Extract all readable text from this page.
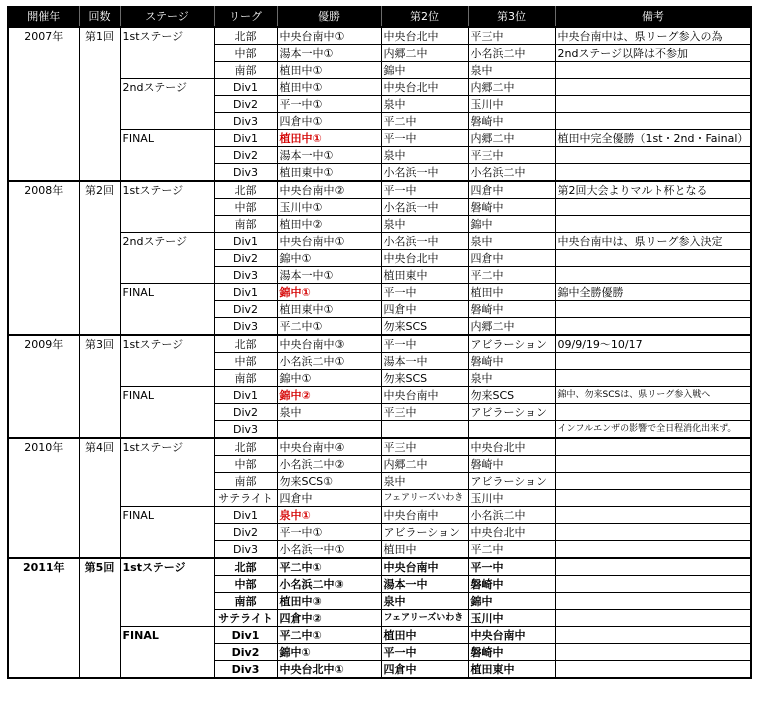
開催年	回数	ステージ	リーグ	優勝	第2位	第3位	備考
2007年	第1回	1stステージ	北部	中央台南中①	中央台北中	平三中	中央台南中は、県リーグ参入の為
			中部	湯本一中①	内郷二中	小名浜二中	2ndステージ以降は不参加
			南部	植田中①	錦中	泉中	
		2ndステージ	Div1	植田中①	中央台北中	内郷二中	
			Div2	平一中①	泉中	玉川中	
			Div3	四倉中①	平二中	磐崎中	
		FINAL	Div1	植田中①	平一中	内郷二中	植田中完全優勝（1st・2nd・Fainal）
			Div2	湯本一中①	泉中	平三中	
			Div3	植田東中①	小名浜一中	小名浜二中	
2008年	第2回	1stステージ	北部	中央台南中②	平一中	四倉中	第2回大会よりマルト杯となる
			中部	玉川中①	小名浜一中	磐崎中	
			南部	植田中②	泉中	錦中	
		2ndステージ	Div1	中央台南中①	小名浜一中	泉中	中央台南中は、県リーグ参入決定
			Div2	錦中①	中央台北中	四倉中	
			Div3	湯本一中①	植田東中	平二中	
		FINAL	Div1	錦中①	平一中	植田中	錦中全勝優勝
			Div2	植田東中①	四倉中	磐崎中	
			Div3	平二中①	勿来SCS	内郷二中	
2009年	第3回	1stステージ	北部	中央台南中③	平一中	アビラーション	09/9/19～10/17
			中部	小名浜二中①	湯本一中	磐崎中	
			南部	錦中①	勿来SCS	泉中	
		FINAL	Div1	錦中②	中央台南中	勿来SCS	錦中、勿来SCSは、県リーグ参入戦へ
			Div2	泉中	平三中	アビラーション	
			Div3				インフルエンザの影響で全日程消化出来ず。
2010年	第4回	1stステージ	北部	中央台南中④	平三中	中央台北中	
			中部	小名浜二中②	内郷二中	磐崎中	
			南部	勿来SCS①	泉中	アビラーション	
			サテライト	四倉中	フェアリーズいわき	玉川中	
		FINAL	Div1	泉中①	中央台南中	小名浜二中	
			Div2	平一中①	アビラーション	中央台北中	
			Div3	小名浜一中①	植田中	平二中	
2011年	第5回	1stステージ	北部	平二中①	中央台南中	平一中	
			中部	小名浜二中③	湯本一中	磐崎中	
			南部	植田中③	泉中	錦中	
			サテライト	四倉中②	フェアリーズいわき	玉川中	
		FINAL	Div1	平二中①	植田中	中央台南中	
			Div2	錦中①	平一中	磐崎中	
			Div3	中央台北中①	四倉中	植田東中	
